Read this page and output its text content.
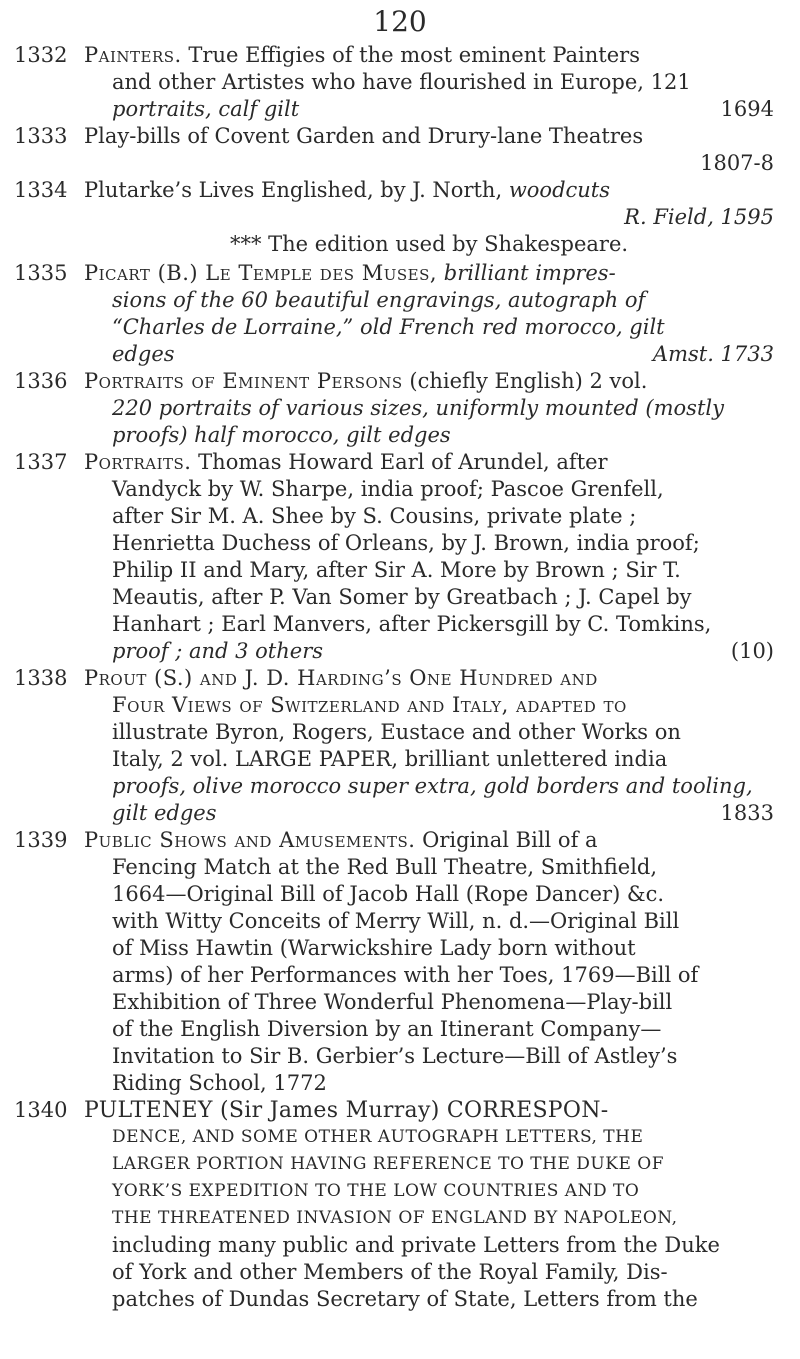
120
1332 Painters. True Effigies of the most eminent Painters

and other Artistes who have flourished in Europe, 121

portraits, calf gilt	1694

1333 Play-bills of Covent Garden and Drury-lane Theatres

1807-8

1334 Plutarke’s Lives Englished, by J. North, woodcuts

R. Field, 1595

*** The edition used by Shakespeare.

1335 Picart (B.) Le Temple des Muses, brilliant impres-

sions of the 60 beautiful engravings, autograph of

“Charles de Lorraine,” old French red morocco, gilt

edges	Amst. 1733

1336 Portraits of Eminent Persons (chiefly English) 2 vol.

220 portraits of various sizes, uniformly mounted (mostly

proofs) half morocco, gilt edges

1337 Portraits. Thomas Howard Earl of Arundel, after

Vandyck by W. Sharpe, india proof; Pascoe Grenfell,

after Sir M. A. Shee by S. Cousins, private plate ;

Henrietta Duchess of Orleans, by J. Brown, india proof;

Philip II and Mary, after Sir A. More by Brown ; Sir T.

Meautis, after P. Van Somer by Greatbach ; J. Capel by

Hanhart ; Earl Manvers, after Pickersgill by C. Tomkins,

proof ; and 3 others	(10)

1338 Prout (S.) and J. D. Harding’s One Hundred and

Four Views of Switzerland and Italy, adapted to

illustrate Byron, Rogers, Eustace and other Works on

Italy, 2 vol. LARGE PAPER, brilliant unlettered india

proofs, olive morocco super extra, gold borders and tooling,

gilt edges	1833

1339 Public Shows and Amusements. Original Bill of a

Fencing Match at the Red Bull Theatre, Smithfield,

1664—Original Bill of Jacob Hall (Rope Dancer) &c.

with Witty Conceits of Merry Will, n. d.—Original Bill

of Miss Hawtin (Warwickshire Lady born without

arms) of her Performances with her Toes, 1769—Bill of

Exhibition of Three Wonderful Phenomena—Play-bill

of the English Diversion by an Itinerant Company—

Invitation to Sir B. Gerbier’s Lecture—Bill of Astley’s

Riding School, 1772

1340 PULTENEY (Sir James Murray) CORRESPON-

DENCE, AND SOME OTHER AUTOGRAPH LETTERS, THE

LARGER PORTION HAVING REFERENCE TO THE DUKE OF

YORK’S EXPEDITION TO THE LOW COUNTRIES AND TO

THE THREATENED INVASION OF ENGLAND BY NAPOLEON,

including many public and private Letters from the Duke

of York and other Members of the Royal Family, Dis-

patches of Dundas Secretary of State, Letters from the
